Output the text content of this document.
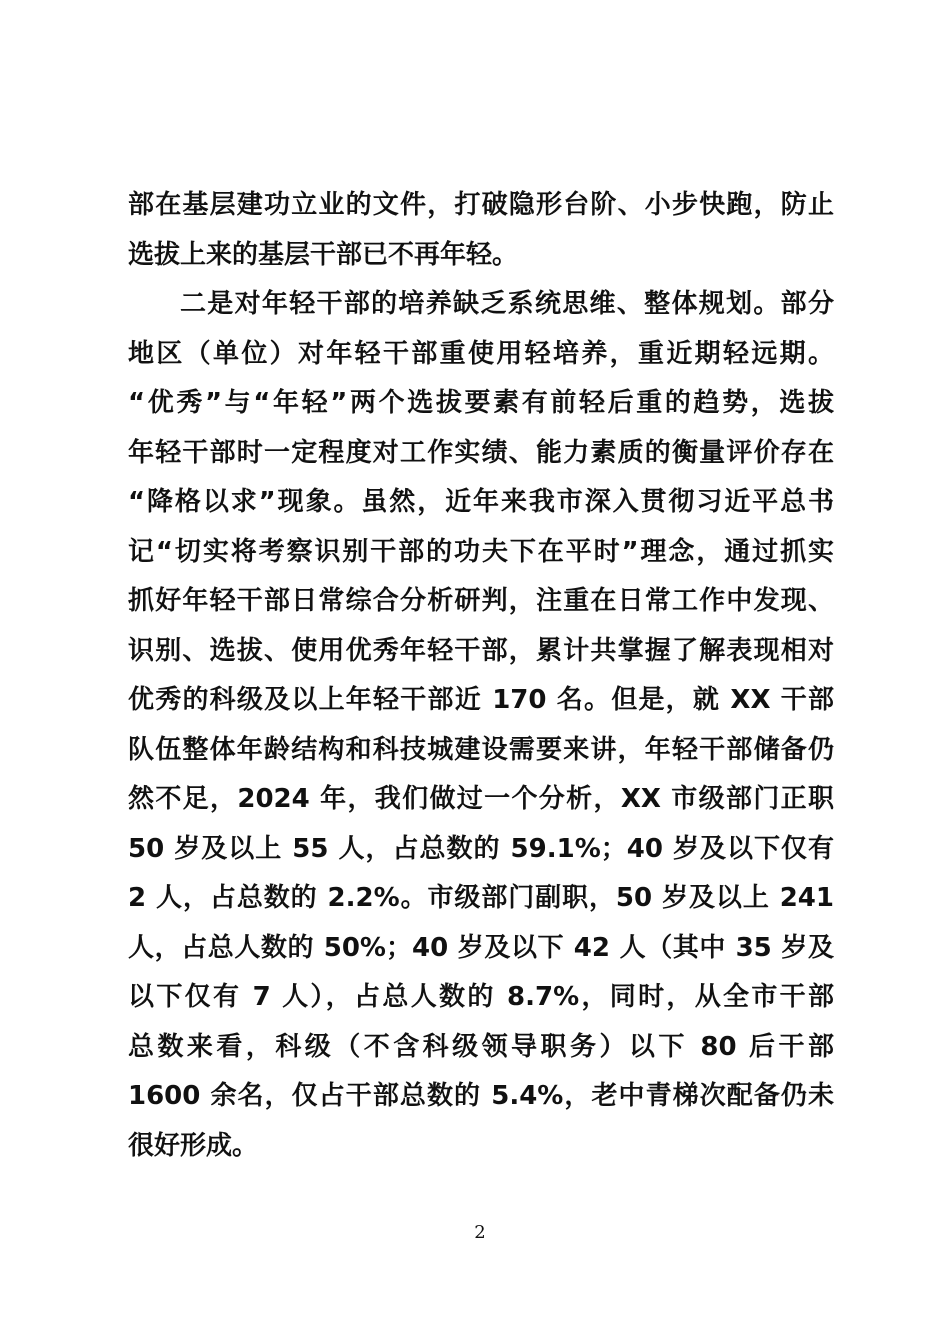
部在基层建功立业的文件，打破隐形台阶、小步快跑，防止
选拔上来的基层干部已不再年轻。
二是对年轻干部的培养缺乏系统思维、整体规划。部分
地区（单位）对年轻干部重使用轻培养，重近期轻远期。
“优秀”与“年轻”两个选拔要素有前轻后重的趋势，选拔
年轻干部时一定程度对工作实绩、能力素质的衡量评价存在
“降格以求”现象。虽然，近年来我市深入贯彻习近平总书
记“切实将考察识别干部的功夫下在平时”理念，通过抓实
抓好年轻干部日常综合分析研判，注重在日常工作中发现、
识别、选拔、使用优秀年轻干部，累计共掌握了解表现相对
优秀的科级及以上年轻干部近 170 名。但是，就 XX 干部
队伍整体年龄结构和科技城建设需要来讲，年轻干部储备仍
然不足，2024 年，我们做过一个分析，XX 市级部门正职
50 岁及以上 55 人，占总数的 59.1%；40 岁及以下仅有
2 人，占总数的 2.2%。市级部门副职，50 岁及以上 241
人，占总人数的 50%；40 岁及以下 42 人（其中 35 岁及
以下仅有 7 人），占总人数的 8.7%，同时，从全市干部
总数来看，科级（不含科级领导职务）以下 80 后干部
1600 余名，仅占干部总数的 5.4%，老中青梯次配备仍未
很好形成。
2
